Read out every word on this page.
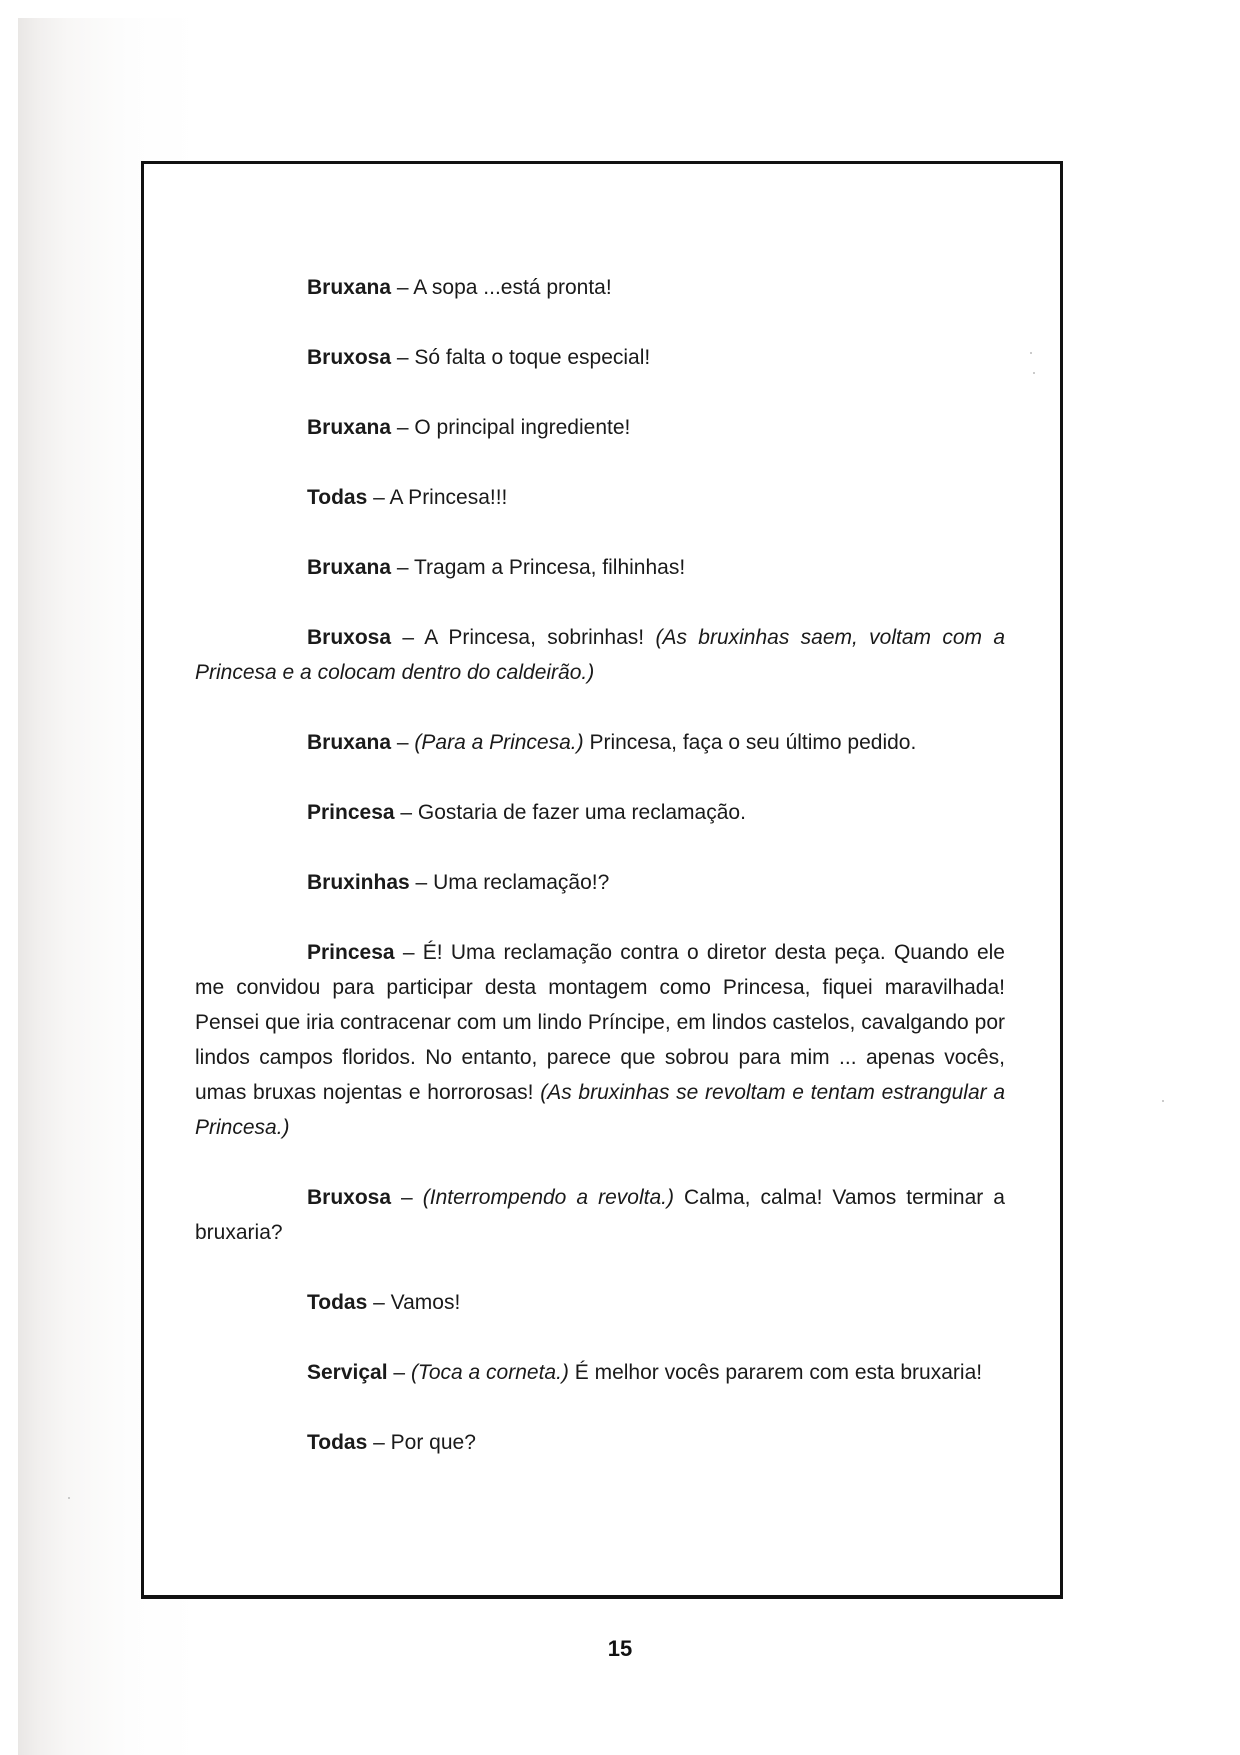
Bruxana – A sopa ...está pronta!

Bruxosa – Só falta o toque especial!

Bruxana – O principal ingrediente!

Todas – A Princesa!!!

Bruxana – Tragam a Princesa, filhinhas!

Bruxosa – A Princesa, sobrinhas! (As bruxinhas saem, voltam com a Princesa e a colocam dentro do caldeirão.)

Bruxana – (Para a Princesa.) Princesa, faça o seu último pedido.

Princesa – Gostaria de fazer uma reclamação.

Bruxinhas – Uma reclamação!?

Princesa – É! Uma reclamação contra o diretor desta peça. Quando ele me convidou para participar desta montagem como Princesa, fiquei maravilhada! Pensei que iria contracenar com um lindo Príncipe, em lindos castelos, cavalgando por lindos campos floridos. No entanto, parece que sobrou para mim ... apenas vocês, umas bruxas nojentas e horrorosas! (As bruxinhas se revoltam e tentam estrangular a Princesa.)

Bruxosa – (Interrompendo a revolta.) Calma, calma! Vamos terminar a bruxaria?

Todas – Vamos!

Serviçal – (Toca a corneta.) É melhor vocês pararem com esta bruxaria!

Todas – Por que?

15
